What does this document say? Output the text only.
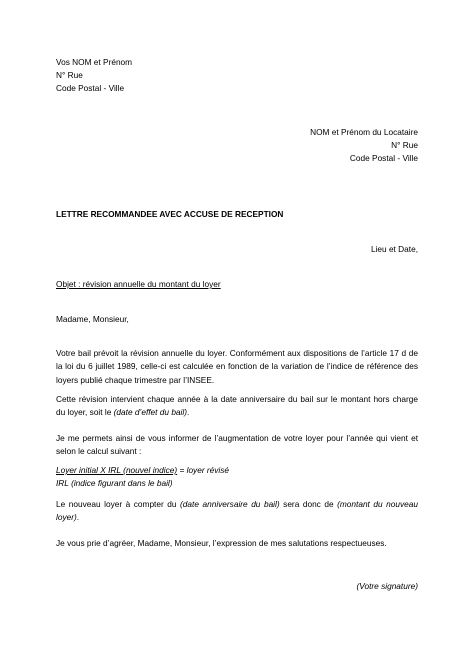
Vos NOM et Prénom
N° Rue
Code Postal - Ville
NOM et Prénom du Locataire
N° Rue
Code Postal - Ville
LETTRE RECOMMANDEE AVEC ACCUSE DE RECEPTION
Lieu et Date,
Objet : révision annuelle du montant du loyer
Madame, Monsieur,
Votre bail prévoit la révision annuelle du loyer. Conformément aux dispositions de l’article 17 d de la loi du 6 juillet 1989, celle-ci est calculée en fonction de la variation de l’indice de référence des loyers publié chaque trimestre par l’INSEE.
Cette révision intervient chaque année à la date anniversaire du bail sur le montant hors charge du loyer, soit le (date d’effet du bail).
Je me permets ainsi de vous informer de l’augmentation de votre loyer pour l’année qui vient et selon le calcul suivant :
Loyer initial X IRL (nouvel indice) = loyer révisé
IRL (indice figurant dans le bail)
Le nouveau loyer à compter du (date anniversaire du bail) sera donc de (montant du nouveau loyer).
Je vous prie d’agréer, Madame, Monsieur, l’expression de mes salutations respectueuses.
(Votre signature)
